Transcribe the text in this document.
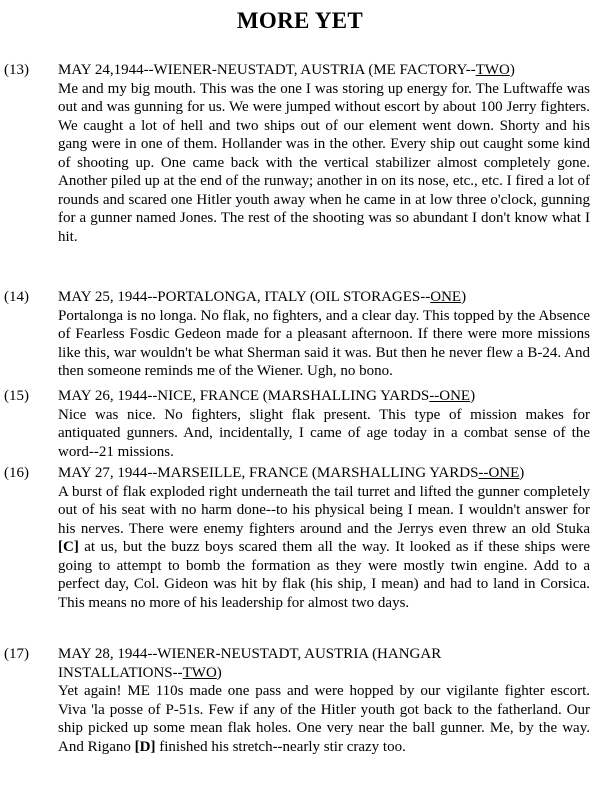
MORE YET
(13) MAY 24,1944--WIENER-NEUSTADT, AUSTRIA (ME FACTORY--TWO)
Me and my big mouth. This was the one I was storing up energy for. The Luftwaffe was out and was gunning for us. We were jumped without escort by about 100 Jerry fighters. We caught a lot of hell and two ships out of our element went down. Shorty and his gang were in one of them. Hollander was in the other. Every ship out caught some kind of shooting up. One came back with the vertical stabilizer almost completely gone. Another piled up at the end of the runway; another in on its nose, etc., etc. I fired a lot of rounds and scared one Hitler youth away when he came in at low three o'clock, gunning for a gunner named Jones. The rest of the shooting was so abundant I don't know what I hit.
(14) MAY 25, 1944--PORTALONGA, ITALY (OIL STORAGES--ONE)
Portalonga is no longa. No flak, no fighters, and a clear day. This topped by the Absence of Fearless Fosdic Gedeon made for a pleasant afternoon. If there were more missions like this, war wouldn't be what Sherman said it was. But then he never flew a B-24. And then someone reminds me of the Wiener. Ugh, no bono.
(15) MAY 26, 1944--NICE, FRANCE (MARSHALLING YARDS--ONE)
Nice was nice. No fighters, slight flak present. This type of mission makes for antiquated gunners. And, incidentally, I came of age today in a combat sense of the word--21 missions.
(16) MAY 27, 1944--MARSEILLE, FRANCE (MARSHALLING YARDS--ONE)
A burst of flak exploded right underneath the tail turret and lifted the gunner completely out of his seat with no harm done--to his physical being I mean. I wouldn't answer for his nerves. There were enemy fighters around and the Jerrys even threw an old Stuka [C] at us, but the buzz boys scared them all the way. It looked as if these ships were going to attempt to bomb the formation as they were mostly twin engine. Add to a perfect day, Col. Gideon was hit by flak (his ship, I mean) and had to land in Corsica. This means no more of his leadership for almost two days.
(17) MAY 28, 1944--WIENER-NEUSTADT, AUSTRIA (HANGAR
INSTALLATIONS--TWO)
Yet again! ME 110s made one pass and were hopped by our vigilante fighter escort. Viva 'la posse of P-51s. Few if any of the Hitler youth got back to the fatherland. Our ship picked up some mean flak holes. One very near the ball gunner. Me, by the way. And Rigano [D] finished his stretch--nearly stir crazy too.
